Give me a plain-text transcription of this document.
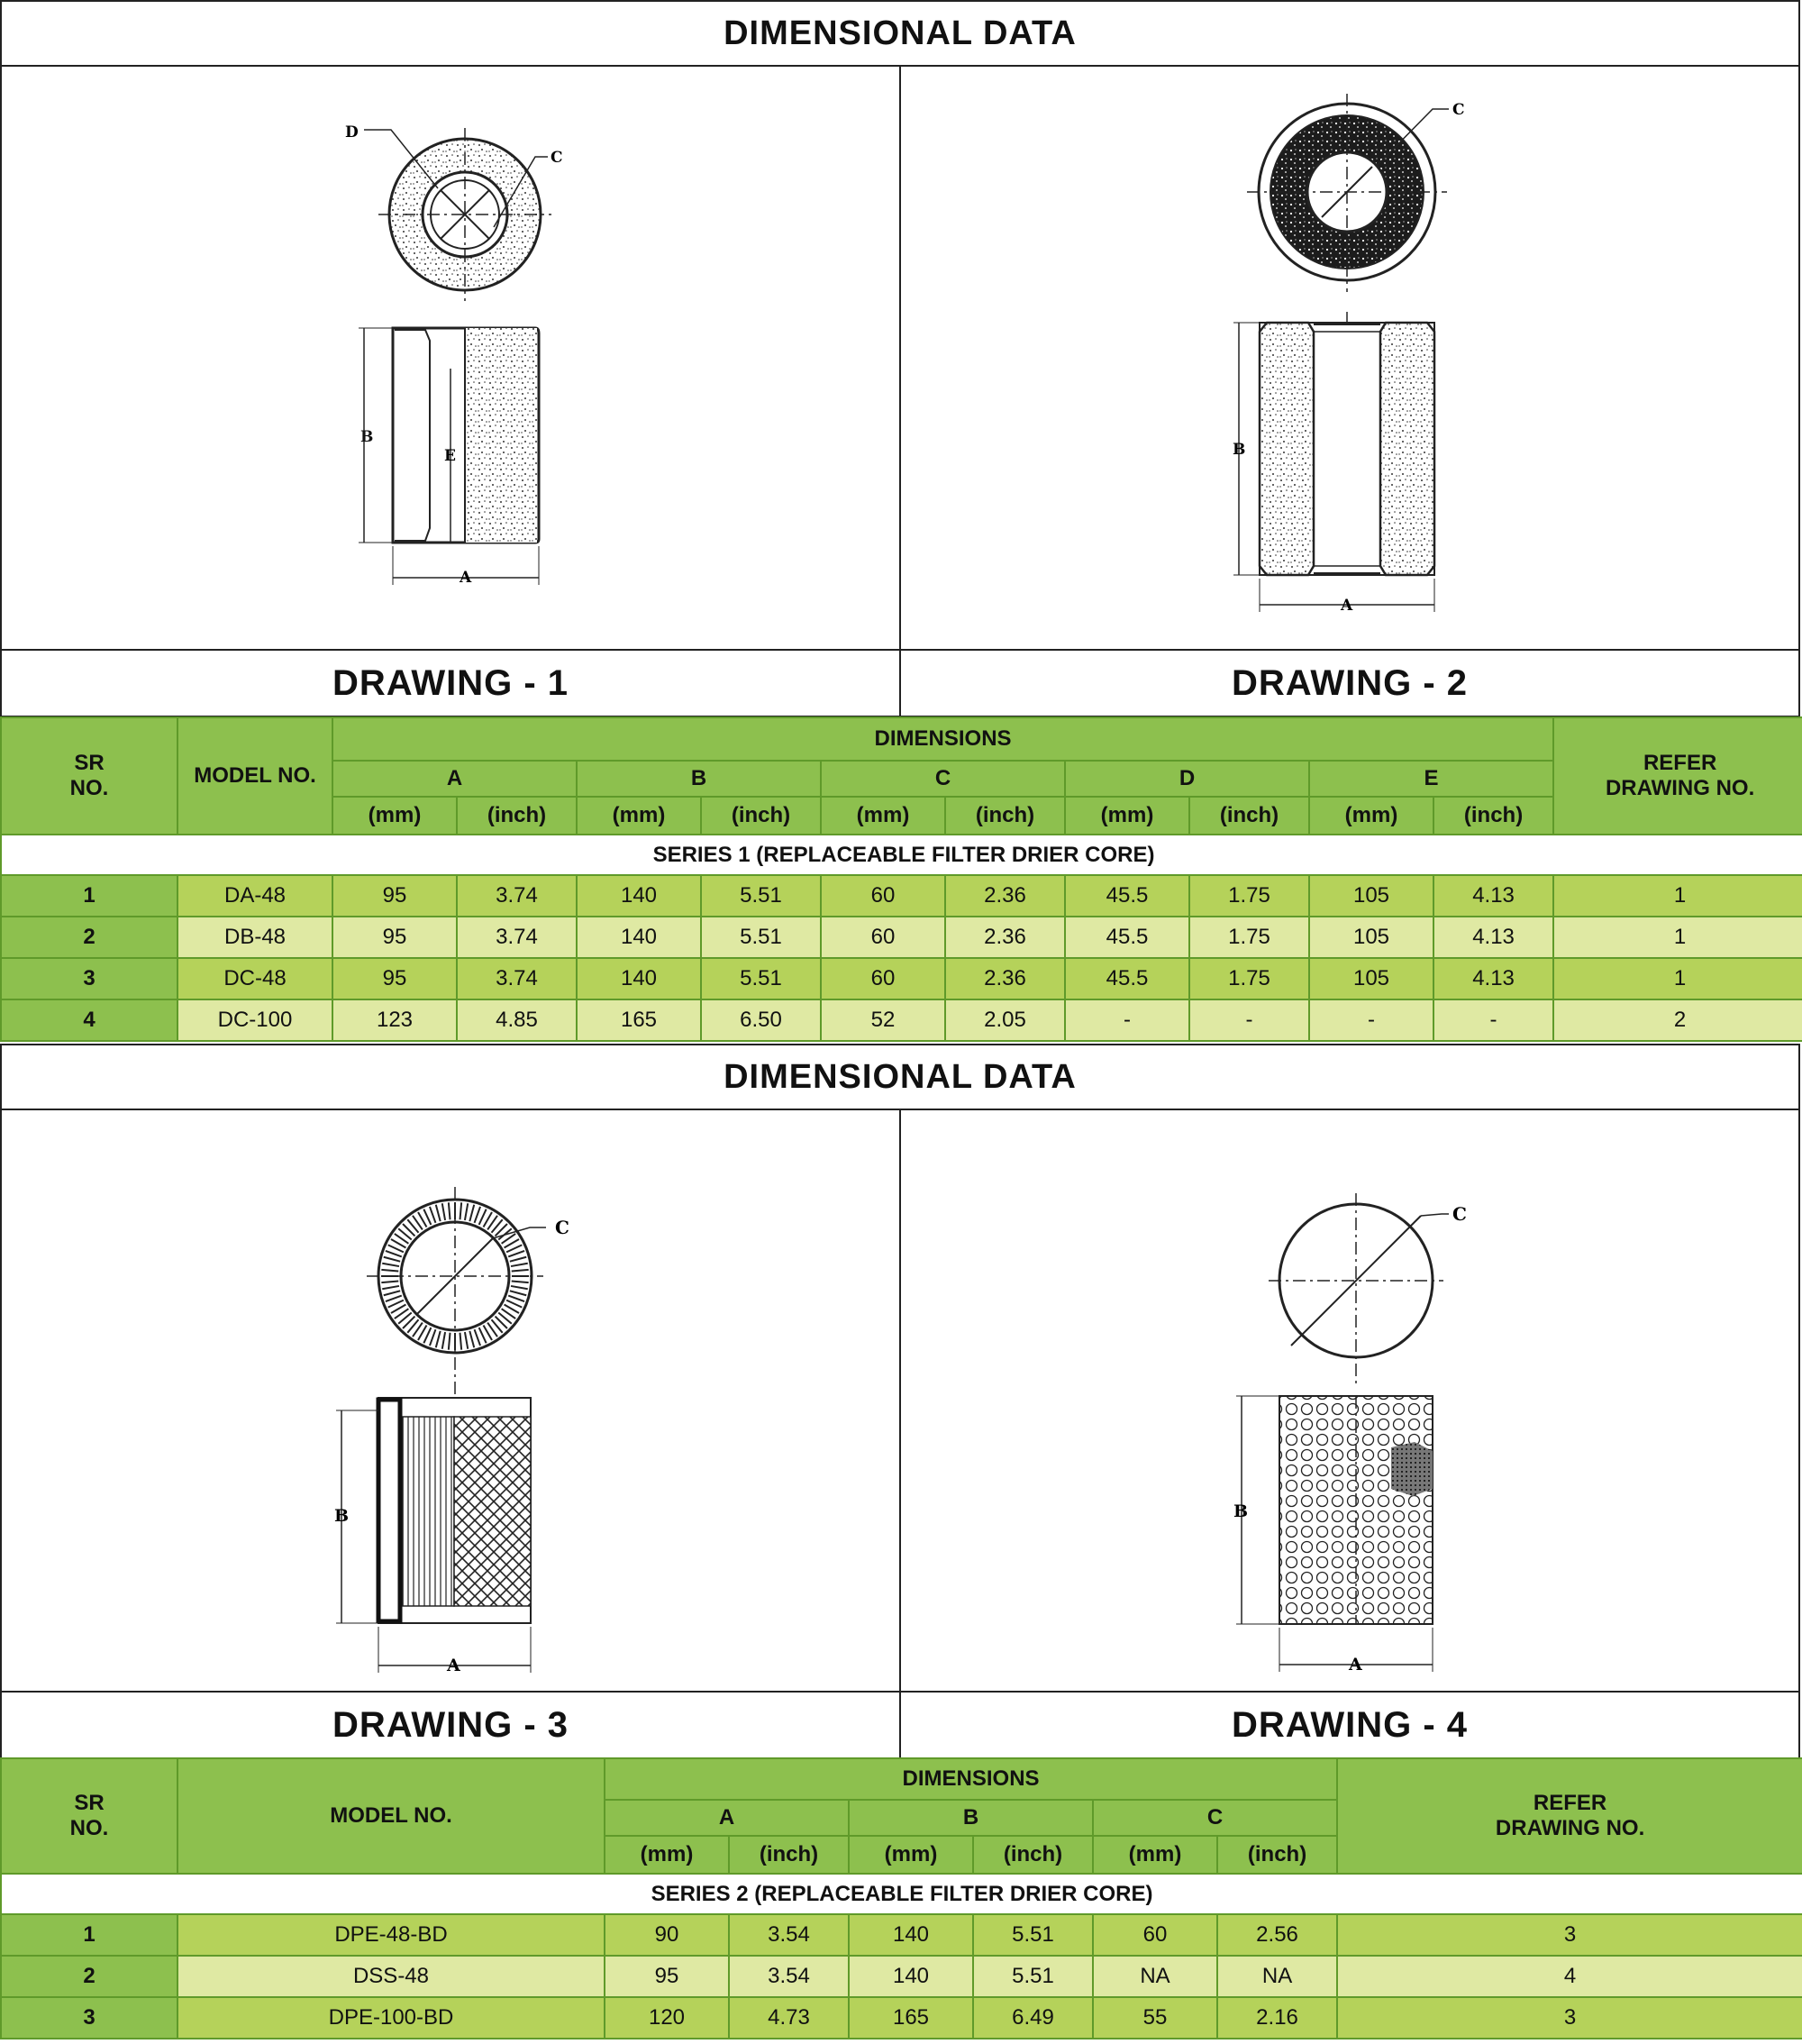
DIMENSIONAL DATA
D
C
B
E
A
C
B
A
DRAWING - 1	DRAWING - 2
SR NO.	MODEL NO.	DIMENSIONS										REFER DRAWING NO.
		A		B		C		D		E		
		(mm)	(inch)	(mm)	(inch)	(mm)	(inch)	(mm)	(inch)	(mm)	(inch)	
SERIES 1 (REPLACEABLE FILTER DRIER CORE)												
1	DA-48	95	3.74	140	5.51	60	2.36	45.5	1.75	105	4.13	1
2	DB-48	95	3.74	140	5.51	60	2.36	45.5	1.75	105	4.13	1
3	DC-48	95	3.74	140	5.51	60	2.36	45.5	1.75	105	4.13	1
4	DC-100	123	4.85	165	6.50	52	2.05	-	-	-	-	2
DIMENSIONAL DATA
C
B
A
C
B
A
DRAWING - 3	DRAWING - 4
SR NO.	MODEL NO.	DIMENSIONS						REFER DRAWING NO.
		A		B		C		
		(mm)	(inch)	(mm)	(inch)	(mm)	(inch)	
SERIES 2 (REPLACEABLE FILTER DRIER CORE)								
1	DPE-48-BD	90	3.54	140	5.51	60	2.56	3
2	DSS-48	95	3.54	140	5.51	NA	NA	4
3	DPE-100-BD	120	4.73	165	6.49	55	2.16	3
